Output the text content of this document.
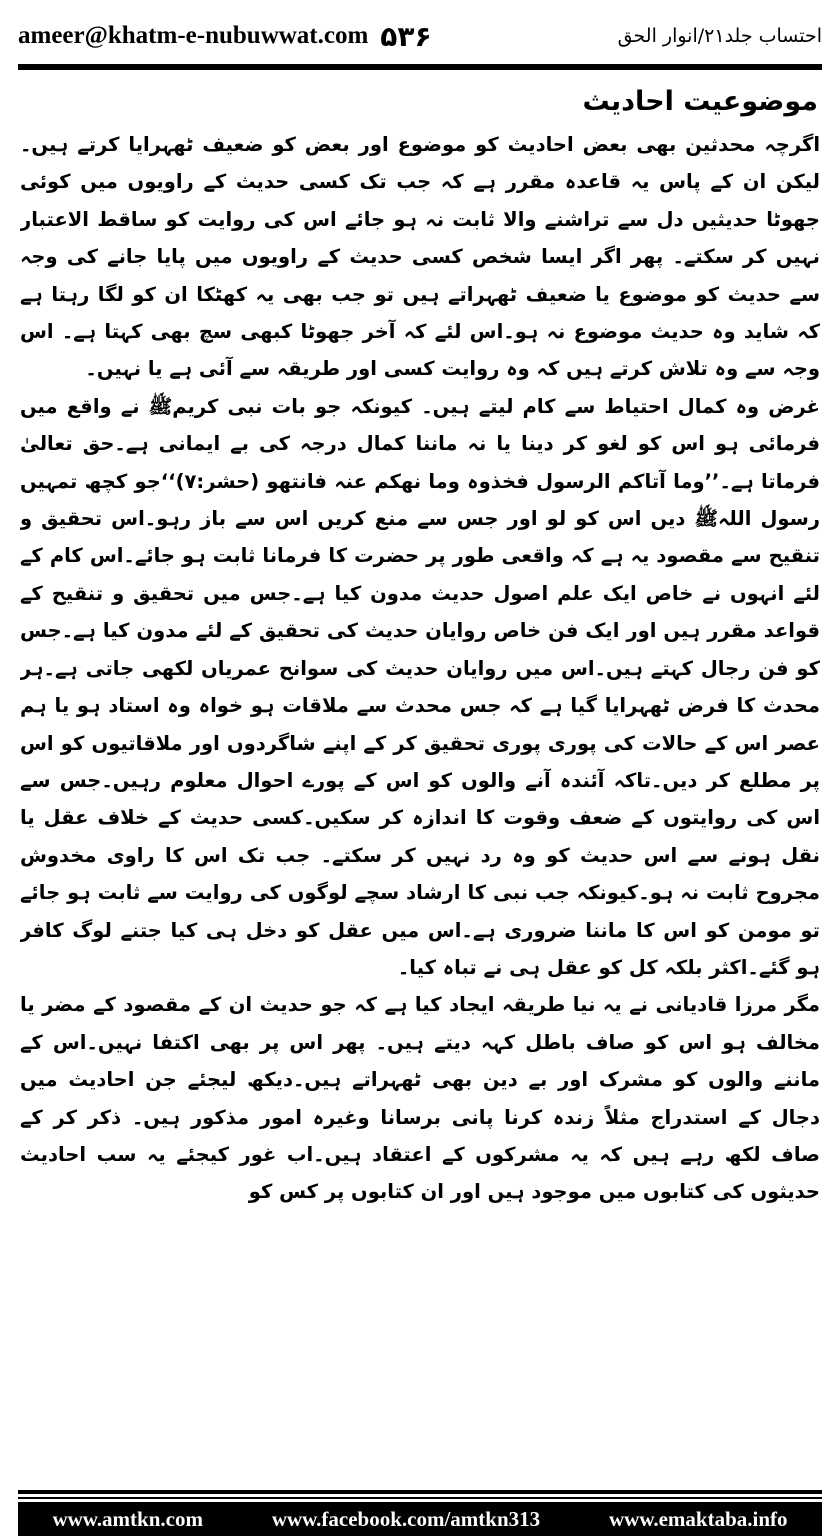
ameer@khatm-e-nubuwwat.com ۵۳۶	احتساب جلد۲۱/انوار الحق
موضوعیت احادیث

اگرچہ محدثین بھی بعض احادیث کو موضوع اور بعض کو ضعیف ٹھہرایا کرتے ہیں۔لیکن ان کے پاس یہ قاعدہ مقرر ہے کہ جب تک کسی حدیث کے راویوں میں کوئی جھوٹا حدیثیں دل سے تراشنے والا ثابت نہ ہو جائے اس کی روایت کو ساقط الاعتبار نہیں کر سکتے۔ پھر اگر ایسا شخص کسی حدیث کے راویوں میں پایا جانے کی وجہ سے حدیث کو موضوع یا ضعیف ٹھہراتے ہیں تو جب بھی یہ کھٹکا ان کو لگا رہتا ہے کہ شاید وہ حدیث موضوع نہ ہو۔اس لئے کہ آخر جھوٹا کبھی سچ بھی کہتا ہے۔ اس وجہ سے وہ تلاش کرتے ہیں کہ وہ روایت کسی اور طریقہ سے آئی ہے یا نہیں۔

غرض وہ کمال احتیاط سے کام لیتے ہیں۔ کیونکہ جو بات نبی کریمﷺ نے واقع میں فرمائی ہو اس کو لغو کر دینا یا نہ ماننا کمال درجہ کی بے ایمانی ہے۔حق تعالیٰ فرماتا ہے۔’’وما آتاکم الرسول فخذوہ وما نھکم عنہ فانتھو (حشر:۷)‘‘جو کچھ تمہیں رسول اللہﷺ دیں اس کو لو اور جس سے منع کریں اس سے باز رہو۔اس تحقیق و تنقیح سے مقصود یہ ہے کہ واقعی طور پر حضرت کا فرمانا ثابت ہو جائے۔اس کام کے لئے انہوں نے خاص ایک علم اصول حدیث مدون کیا ہے۔جس میں تحقیق و تنقیح کے قواعد مقرر ہیں اور ایک فن خاص روایان حدیث کی تحقیق کے لئے مدون کیا ہے۔جس کو فن رجال کہتے ہیں۔اس میں روایان حدیث کی سوانح عمریاں لکھی جاتی ہے۔ہر محدث کا فرض ٹھہرایا گیا ہے کہ جس محدث سے ملاقات ہو خواہ وہ استاد ہو یا ہم عصر اس کے حالات کی پوری پوری تحقیق کر کے اپنے شاگردوں اور ملاقاتیوں کو اس پر مطلع کر دیں۔تاکہ آئندہ آنے والوں کو اس کے پورے احوال معلوم رہیں۔جس سے اس کی روایتوں کے ضعف وقوت کا اندازہ کر سکیں۔کسی حدیث کے خلاف عقل یا نقل ہونے سے اس حدیث کو وہ رد نہیں کر سکتے۔ جب تک اس کا راوی مخدوش مجروح ثابت نہ ہو۔کیونکہ جب نبی کا ارشاد سچے لوگوں کی روایت سے ثابت ہو جائے تو مومن کو اس کا ماننا ضروری ہے۔اس میں عقل کو دخل ہی کیا جتنے لوگ کافر ہو گئے۔اکثر بلکہ کل کو عقل ہی نے تباہ کیا۔

مگر مرزا قادیانی نے یہ نیا طریقہ ایجاد کیا ہے کہ جو حدیث ان کے مقصود کے مضر یا مخالف ہو اس کو صاف باطل کہہ دیتے ہیں۔ پھر اس پر بھی اکتفا نہیں۔اس کے ماننے والوں کو مشرک اور بے دین بھی ٹھہراتے ہیں۔دیکھ لیجئے جن احادیث میں دجال کے استدراج مثلاً زندہ کرنا پانی برسانا وغیرہ امور مذکور ہیں۔ ذکر کر کے صاف لکھ رہے ہیں کہ یہ مشرکوں کے اعتقاد ہیں۔اب غور کیجئے یہ سب احادیث حدیثوں کی کتابوں میں موجود ہیں اور ان کتابوں پر کس کو

www.amtkn.com	www.facebook.com/amtkn313	www.emaktaba.info
